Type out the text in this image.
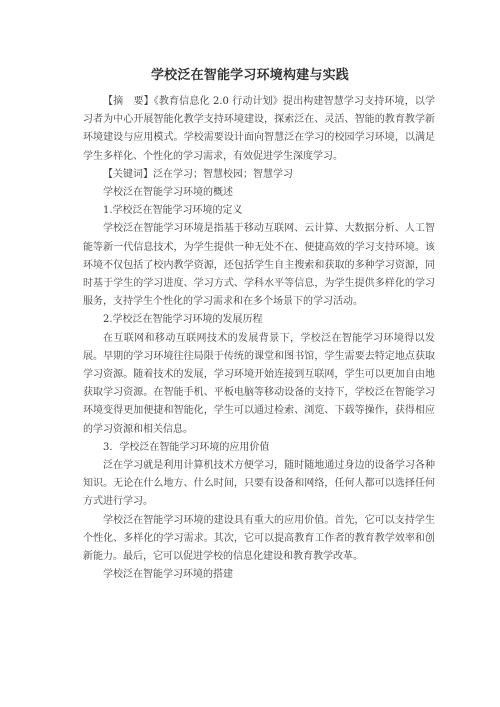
学校泛在智能学习环境构建与实践

【摘　要】《教育信息化 2.0 行动计划》提出构建智慧学习支持环境，以学习者为中心开展智能化教学支持环境建设，探索泛在、灵活、智能的教育教学新环境建设与应用模式。学校需要设计面向智慧泛在学习的校园学习环境，以满足学生多样化、个性化的学习需求，有效促进学生深度学习。

【关键词】泛在学习；智慧校园；智慧学习

学校泛在智能学习环境的概述

1.学校泛在智能学习环境的定义

学校泛在智能学习环境是指基于移动互联网、云计算、大数据分析、人工智能等新一代信息技术，为学生提供一种无处不在、便捷高效的学习支持环境。该环境不仅包括了校内教学资源，还包括学生自主搜索和获取的多种学习资源，同时基于学生的学习进度、学习方式、学科水平等信息，为学生提供多样化的学习服务，支持学生个性化的学习需求和在多个场景下的学习活动。

2.学校泛在智能学习环境的发展历程

在互联网和移动互联网技术的发展背景下，学校泛在智能学习环境得以发展。早期的学习环境往往局限于传统的课堂和图书馆，学生需要去特定地点获取学习资源。随着技术的发展，学习环境开始连接到互联网，学生可以更加自由地获取学习资源。在智能手机、平板电脑等移动设备的支持下，学校泛在智能学习环境变得更加便捷和智能化，学生可以通过检索、浏览、下载等操作，获得相应的学习资源和相关信息。

3．学校泛在智能学习环境的应用价值

泛在学习就是利用计算机技术方便学习，随时随地通过身边的设备学习各种知识。无论在什么地方、什么时间，只要有设备和网络，任何人都可以选择任何方式进行学习。

学校泛在智能学习环境的建设具有重大的应用价值。首先，它可以支持学生个性化、多样化的学习需求。其次，它可以提高教育工作者的教育教学效率和创新能力。最后，它可以促进学校的信息化建设和教育教学改革。

学校泛在智能学习环境的搭建
